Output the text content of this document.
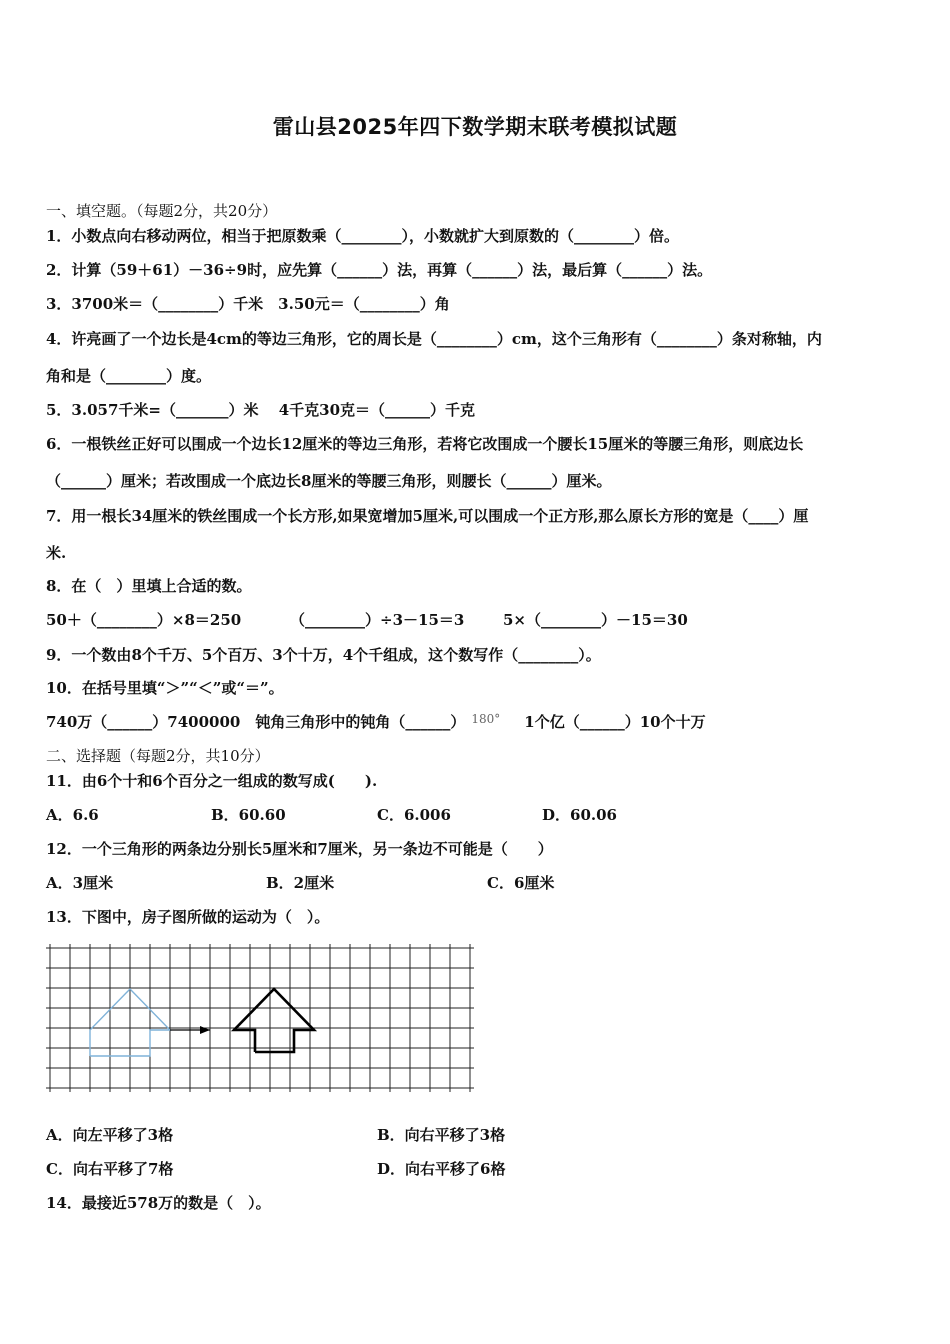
雷山县2025年四下数学期末联考模拟试题
一、填空题。（每题2分，共20分）
1．小数点向右移动两位，相当于把原数乘（________），小数就扩大到原数的（________）倍。
2．计算（59＋61）－36÷9时，应先算（______）法，再算（______）法，最后算（______）法。
3．3700米＝（________）千米　3.50元＝（________）角
4．许亮画了一个边长是4cm的等边三角形，它的周长是（________）cm，这个三角形有（________）条对称轴，内
角和是（________）度。
5．3.057千米=（_______）米　 4千克30克＝（______）千克
6．一根铁丝正好可以围成一个边长12厘米的等边三角形，若将它改围成一个腰长15厘米的等腰三角形，则底边长
（______）厘米；若改围成一个底边长8厘米的等腰三角形，则腰长（______）厘米。
7．用一根长34厘米的铁丝围成一个长方形,如果宽增加5厘米,可以围成一个正方形,那么原长方形的宽是（____）厘
米.
8．在（　）里填上合适的数。
50＋（________）×8＝250	（________）÷3－15＝3	5×（________）－15＝30
9．一个数由8个千万、5个百万、3个十万，4个千组成，这个数写作（________）。
10．在括号里填“＞”“＜”或“＝”。
740万（______）7400000　钝角三角形中的钝角（______） $^{180^\circ}$ 1个亿（______）10个十万
二、选择题（每题2分，共10分）
11．由6个十和6个百分之一组成的数写成(　　).
A．6.6	B．60.60	C．6.006	D．60.06
12．一个三角形的两条边分别长5厘米和7厘米，另一条边不可能是（　　）
A．3厘米	B．2厘米	C．6厘米
13．下图中，房子图所做的运动为（　）。
A．向左平移了3格	B．向右平移了3格
C．向右平移了7格	D．向右平移了6格
14．最接近578万的数是（　）。
